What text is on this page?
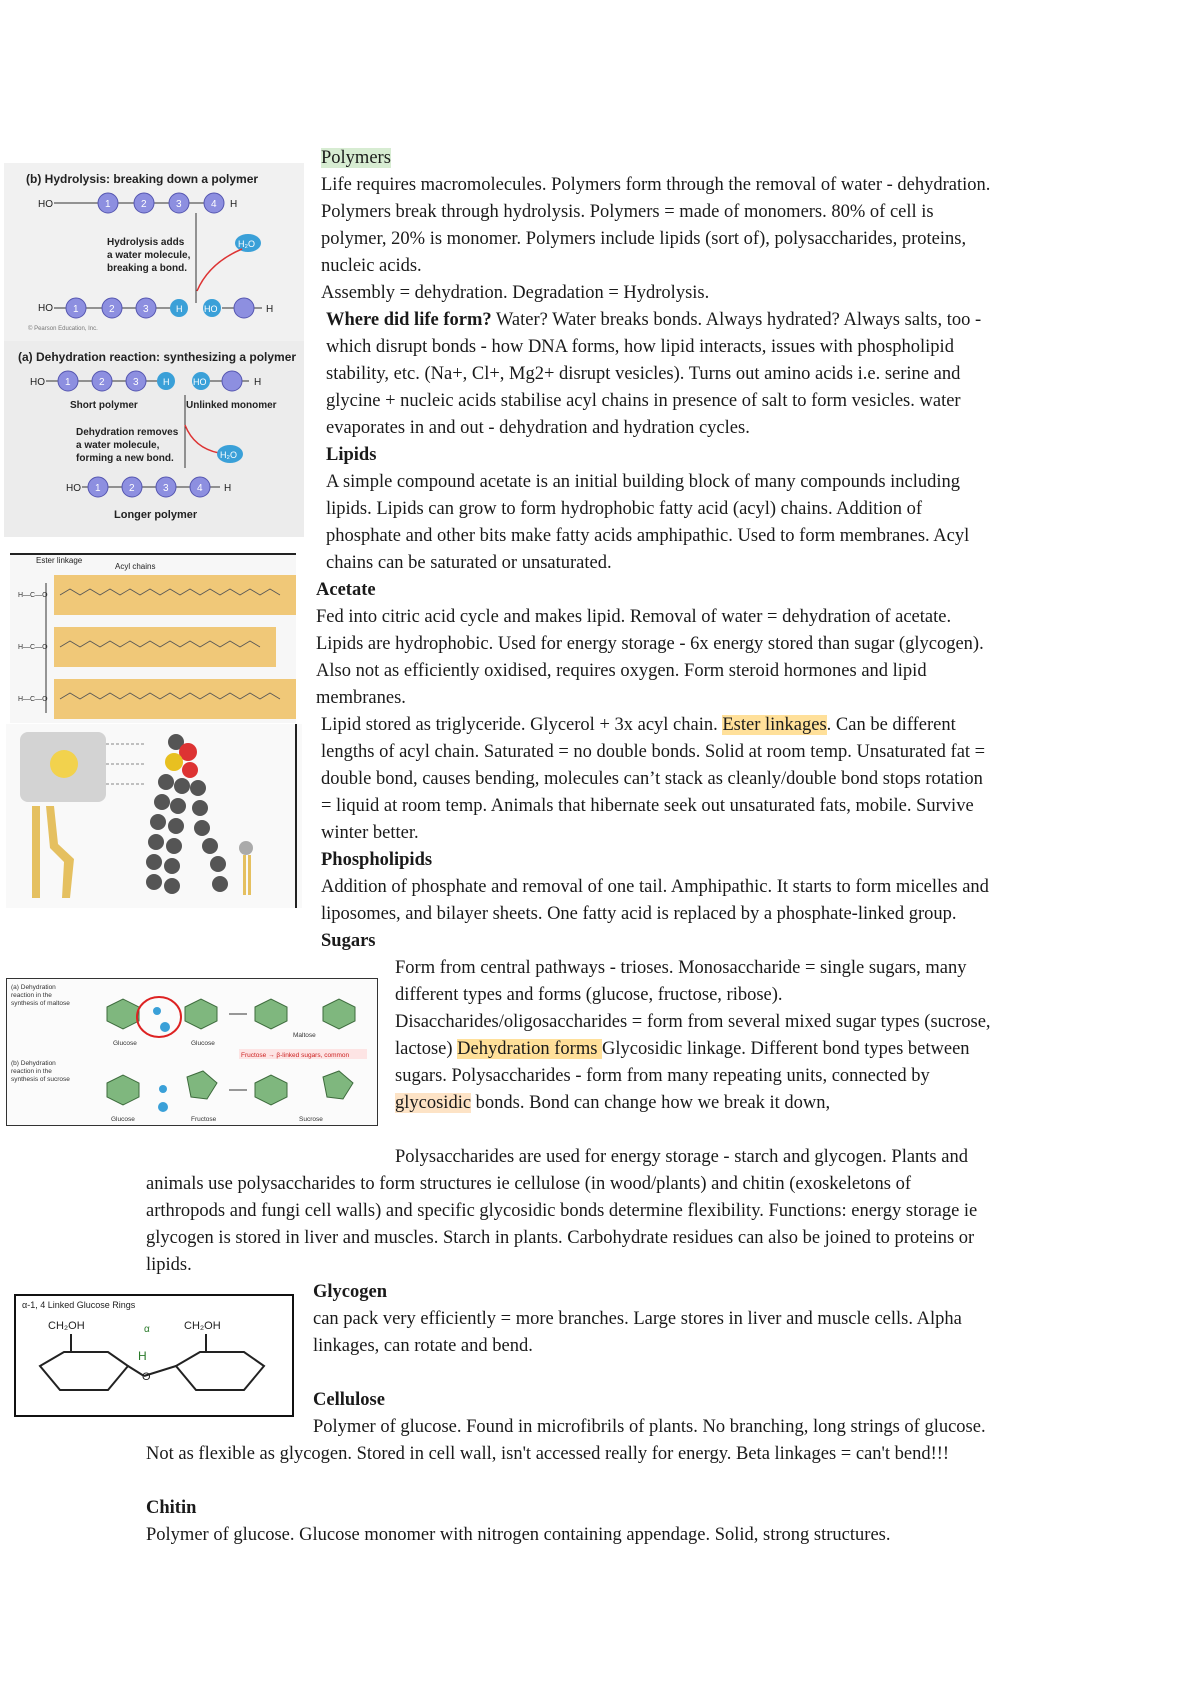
(b) Hydrolysis: breaking down a polymer
HO	1	2	3	4 H
Hydrolysis adds
a water molecule,
breaking a bond.
H₂O
HO 1	2	3	H HO	H
© Pearson Education, Inc.
(a) Dehydration reaction: synthesizing a polymer
HO 1	2	3	H	HO	H
Short polymer	Unlinked monomer
Dehydration removes
a water molecule,
forming a new bond.	H₂O
HO 1	2	3	4 H
Longer polymer
Ester linkage
Acyl chains
H—C—O
H—C—O
H—C—O
(a) Dehydration
reaction in the
synthesis of maltose
(b) Dehydration
reaction in the
synthesis of sucrose
Glucose	Glucose
Maltose
Glucose	Fructose	Sucrose
Fructose → β-linked sugars, common
α-1, 4 Linked Glucose Rings
CH₂OH	CH₂OH
α
H
O
Polymers
Life requires macromolecules. Polymers form through the removal of water - dehydration.
Polymers break through hydrolysis. Polymers = made of monomers. 80% of cell is
polymer, 20% is monomer. Polymers include lipids (sort of), polysaccharides, proteins,
nucleic acids.
Assembly = dehydration. Degradation = Hydrolysis.
Where did life form? Water? Water breaks bonds. Always hydrated? Always salts, too -
which disrupt bonds - how DNA forms, how lipid interacts, issues with phospholipid
stability, etc. (Na+, Cl+, Mg2+ disrupt vesicles). Turns out amino acids i.e. serine and
glycine + nucleic acids stabilise acyl chains in presence of salt to form vesicles. water
evaporates in and out - dehydration and hydration cycles.
Lipids
A simple compound acetate is an initial building block of many compounds including
lipids. Lipids can grow to form hydrophobic fatty acid (acyl) chains. Addition of
phosphate and other bits make fatty acids amphipathic. Used to form membranes. Acyl
chains can be saturated or unsaturated.
Acetate
Fed into citric acid cycle and makes lipid. Removal of water = dehydration of acetate.
Lipids are hydrophobic. Used for energy storage - 6x energy stored than sugar (glycogen).
Also not as efficiently oxidised, requires oxygen. Form steroid hormones and lipid
membranes.
Lipid stored as triglyceride. Glycerol + 3x acyl chain. Ester linkages. Can be different
lengths of acyl chain. Saturated = no double bonds. Solid at room temp. Unsaturated fat =
double bond, causes bending, molecules can’t stack as cleanly/double bond stops rotation
= liquid at room temp. Animals that hibernate seek out unsaturated fats, mobile. Survive
winter better.
Phospholipids
Addition of phosphate and removal of one tail. Amphipathic. It starts to form micelles and
liposomes, and bilayer sheets. One fatty acid is replaced by a phosphate-linked group.
Sugars
Form from central pathways - trioses. Monosaccharide = single sugars, many
different types and forms (glucose, fructose, ribose).
Disaccharides/oligosaccharides = form from several mixed sugar types (sucrose,
lactose) Dehydration forms Glycosidic linkage. Different bond types between
sugars. Polysaccharides - form from many repeating units, connected by
glycosidic bonds. Bond can change how we break it down,
Polysaccharides are used for energy storage - starch and glycogen. Plants and
animals use polysaccharides to form structures ie cellulose (in wood/plants) and chitin (exoskeletons of
arthropods and fungi cell walls) and specific glycosidic bonds determine flexibility. Functions: energy storage ie
glycogen is stored in liver and muscles. Starch in plants. Carbohydrate residues can also be joined to proteins or
lipids.
Glycogen
can pack very efficiently = more branches. Large stores in liver and muscle cells. Alpha
linkages, can rotate and bend.
Cellulose
Polymer of glucose. Found in microfibrils of plants. No branching, long strings of glucose.
Not as flexible as glycogen. Stored in cell wall, isn't accessed really for energy. Beta linkages = can't bend!!!
Chitin
Polymer of glucose. Glucose monomer with nitrogen containing appendage. Solid, strong structures.
